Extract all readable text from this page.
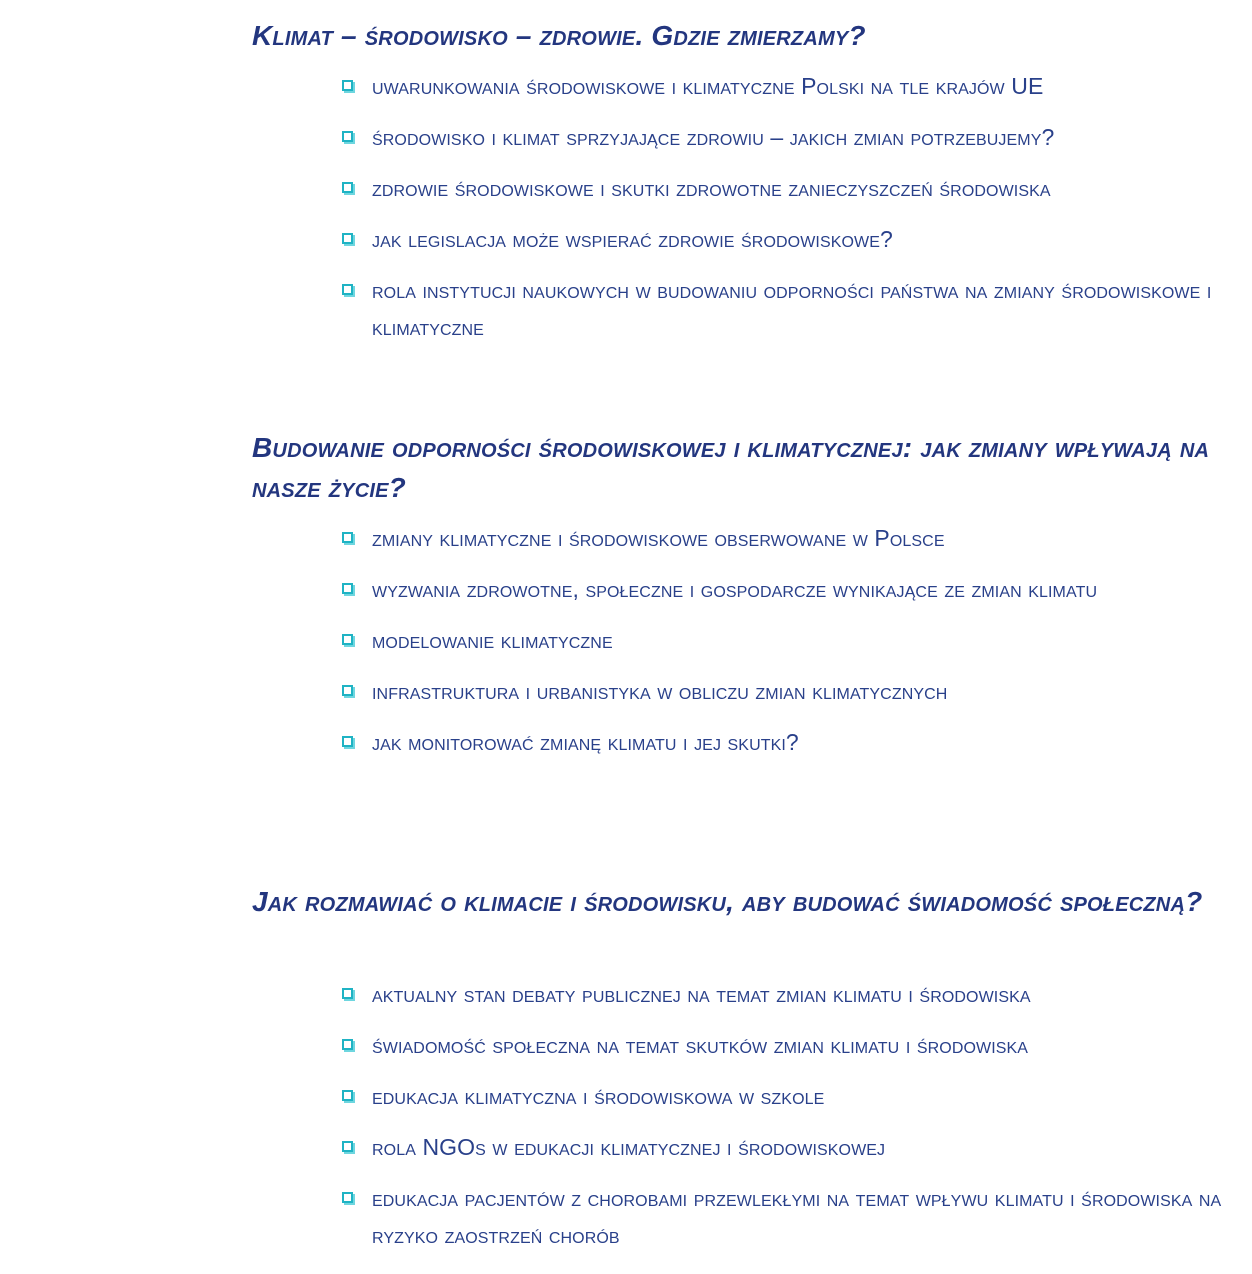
Klimat – środowisko – zdrowie. Gdzie zmierzamy?
uwarunkowania środowiskowe i klimatyczne Polski na tle krajów UE
środowisko i klimat sprzyjające zdrowiu – jakich zmian potrzebujemy?
zdrowie środowiskowe i skutki zdrowotne zanieczyszczeń środowiska
jak legislacja może wspierać zdrowie środowiskowe?
rola instytucji naukowych w budowaniu odporności państwa na zmiany środowiskowe i klimatyczne
Budowanie odporności środowiskowej i klimatycznej: jak zmiany wpływają na nasze życie?
zmiany klimatyczne i środowiskowe obserwowane w Polsce
wyzwania zdrowotne, społeczne i gospodarcze wynikające ze zmian klimatu
modelowanie klimatyczne
infrastruktura i urbanistyka w obliczu zmian klimatycznych
jak monitorować zmianę klimatu i jej skutki?
Jak rozmawiać o klimacie i środowisku, aby budować świadomość społeczną?
aktualny stan debaty publicznej na temat zmian klimatu i środowiska
świadomość społeczna na temat skutków zmian klimatu i środowiska
edukacja klimatyczna i środowiskowa w szkole
rola NGOs w edukacji klimatycznej i środowiskowej
edukacja pacjentów z chorobami przewlekłymi na temat wpływu klimatu i środowiska na ryzyko zaostrzeń chorób
